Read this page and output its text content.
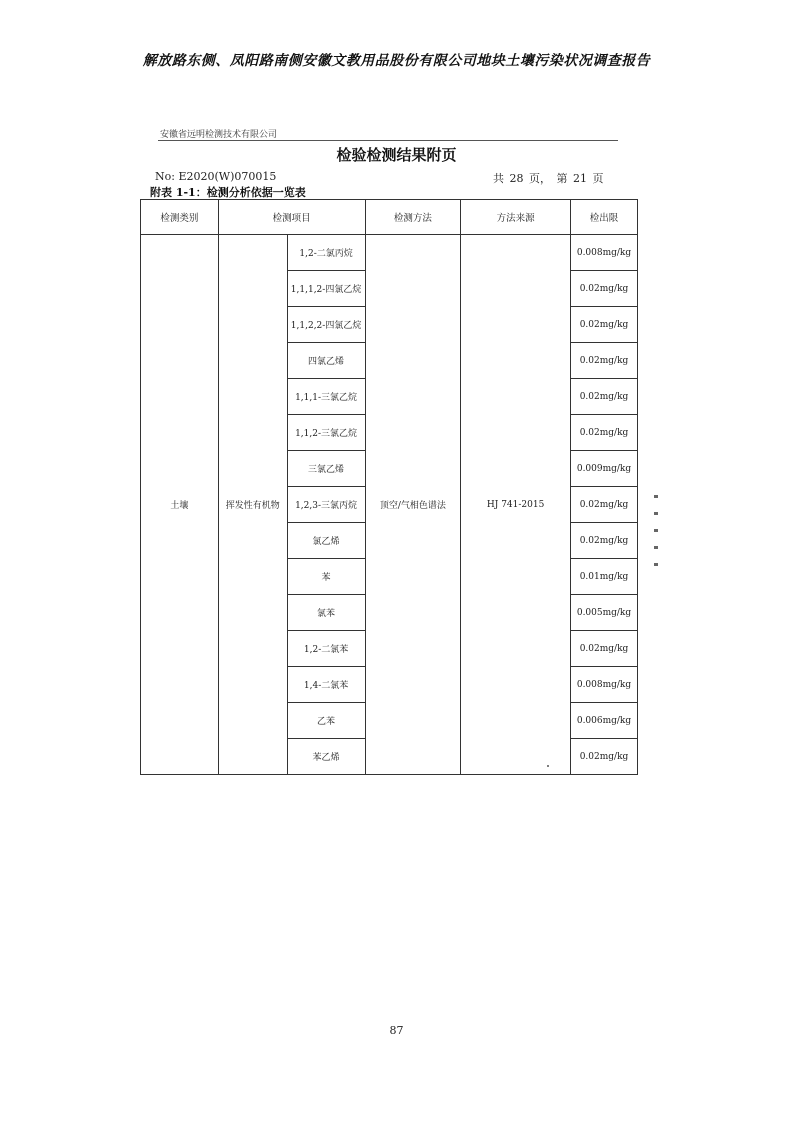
解放路东侧、凤阳路南侧安徽文教用品股份有限公司地块土壤污染状况调查报告
安徽省远明检测技术有限公司
检验检测结果附页
No: E2020(W)070015	共 28 页， 第 21 页
附表 1-1：检测分析依据一览表
检测类别	检测项目		检测方法	方法来源	检出限
土壤	挥发性有机物	1,2-二氯丙烷	顶空/气相色谱法	HJ 741-2015	0.008mg/kg
		1,1,1,2-四氯乙烷			0.02mg/kg
		1,1,2,2-四氯乙烷			0.02mg/kg
		四氯乙烯			0.02mg/kg
		1,1,1-三氯乙烷			0.02mg/kg
		1,1,2-三氯乙烷			0.02mg/kg
		三氯乙烯			0.009mg/kg
		1,2,3-三氯丙烷			0.02mg/kg
		氯乙烯			0.02mg/kg
		苯			0.01mg/kg
		氯苯			0.005mg/kg
		1,2-二氯苯			0.02mg/kg
		1,4-二氯苯			0.008mg/kg
		乙苯			0.006mg/kg
		苯乙烯			0.02mg/kg
87
